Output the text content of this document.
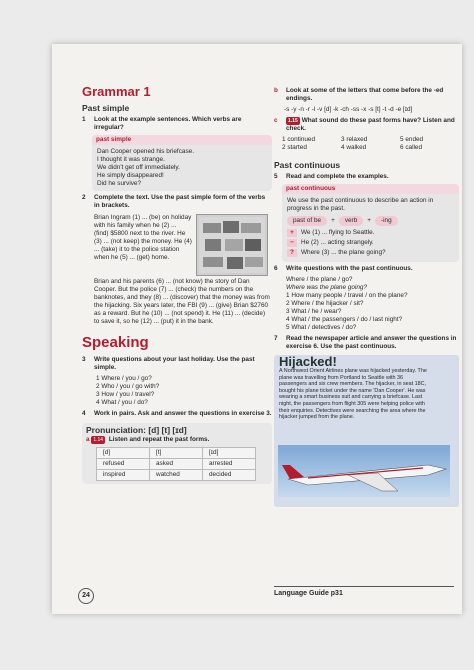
Grammar 1
Past simple
1	Look at the example sentences. Which verbs are irregular?
past simple
Dan Cooper opened his briefcase.
I thought it was strange.
We didn't get off immediately.
He simply disappeared!
Did he survive?
2	Complete the text. Use the past simple form of the verbs in brackets.
Brian Ingram (1) ... (be) on holiday with his family when he (2) ... (find) $5800 next to the river. He (3) ... (not keep) the money. He (4) ... (take) it to the police station when he (5) ... (get) home.
Brian and his parents (6) ... (not know) the story of Dan Cooper. But the police (7) ... (check) the numbers on the banknotes, and they (8) ... (discover) that the money was from the hijacking. Six years later, the FBI (9) ... (give) Brian $2760 as a reward. But he (10) ... (not spend) it. He (11) ... (decide) to save it, so he (12) ... (put) it in the bank.
Speaking
3	Write questions about your last holiday. Use the past simple.
1 Where / you / go?
2 Who / you / go with?
3 How / you / travel?
4 What / you / do?
4	Work in pairs. Ask and answer the questions in exercise 3.
Pronunciation: [d] [t] [ɪd]
a 1.14 Listen and repeat the past forms.
[d]	[t]	[ɪd]
refused	asked	arrested
inspired	watched	decided
24
b	Look at some of the letters that come before the -ed endings.
-s -y -n -r -l -v [d] -k -ch -ss -x -s [t] -t -d -e [ɪd]
c	1.15 What sound do these past forms have? Listen and check.
1 continued	3 relaxed	5 ended
2 started	4 walked	6 called
Past continuous
5	Read and complete the examples.
past continuous
We use the past continuous to describe an action in progress in the past.
past of be	+	verb	+	-ing
+	We (1) ... flying to Seattle.
−	He (2) ... acting strangely.
?	Where (3) ... the plane going?
6	Write questions with the past continuous.
Where / the plane / go?
Where was the plane going?
1 How many people / travel / on the plane?
2 Where / the hijacker / sit?
3 What / he / wear?
4 What / the passengers / do / last night?
5 What / detectives / do?
7	Read the newspaper article and answer the questions in exercise 6. Use the past continuous.
Hijacked!
A Northwest Orient Airlines plane was hijacked yesterday. The plane was travelling from Portland to Seattle with 36 passengers and six crew members. The hijacker, in seat 18C, bought his plane ticket under the name 'Dan Cooper'. He was wearing a smart business suit and carrying a briefcase. Last night, the passengers from flight 305 were helping police with their enquiries. Detectives were searching the area where the hijacker jumped from the plane.
Language Guide p31
